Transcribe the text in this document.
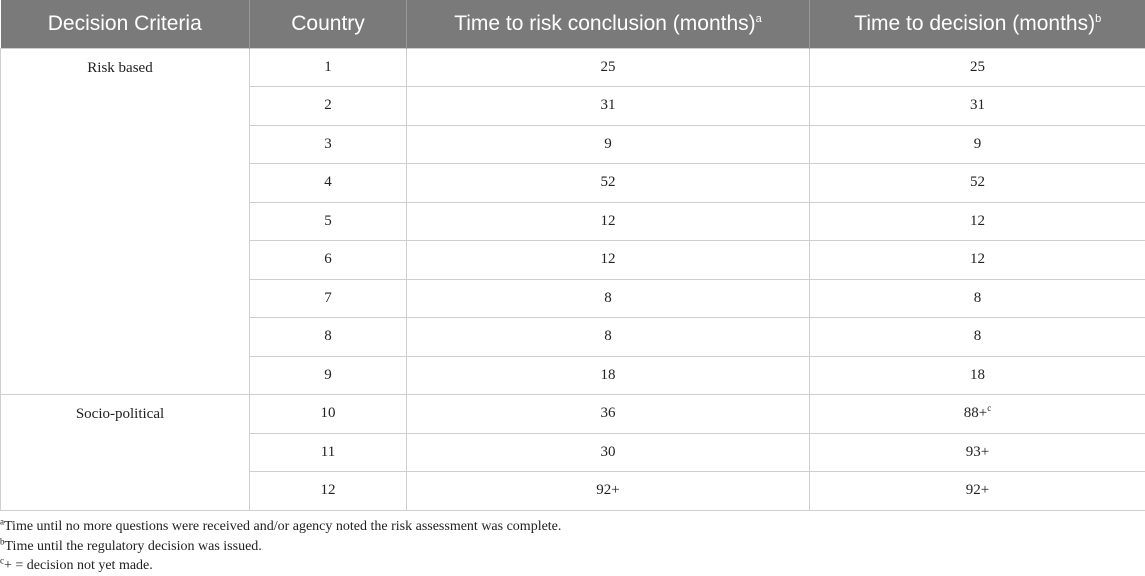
Decision Criteria	Country	Time to risk conclusion (months)$^a$	Time to decision (months)$^b$
Risk based	1	25	25
	2	31	31
	3	9	9
	4	52	52
	5	12	12
	6	12	12
	7	8	8
	8	8	8
	9	18	18
Socio-political	10	36	88+$^c$
	11	30	93+
	12	92+	92+
$^a$Time until no more questions were received and/or agency noted the risk assessment was complete.
$^b$Time until the regulatory decision was issued.
$^c$+ = decision not yet made.
